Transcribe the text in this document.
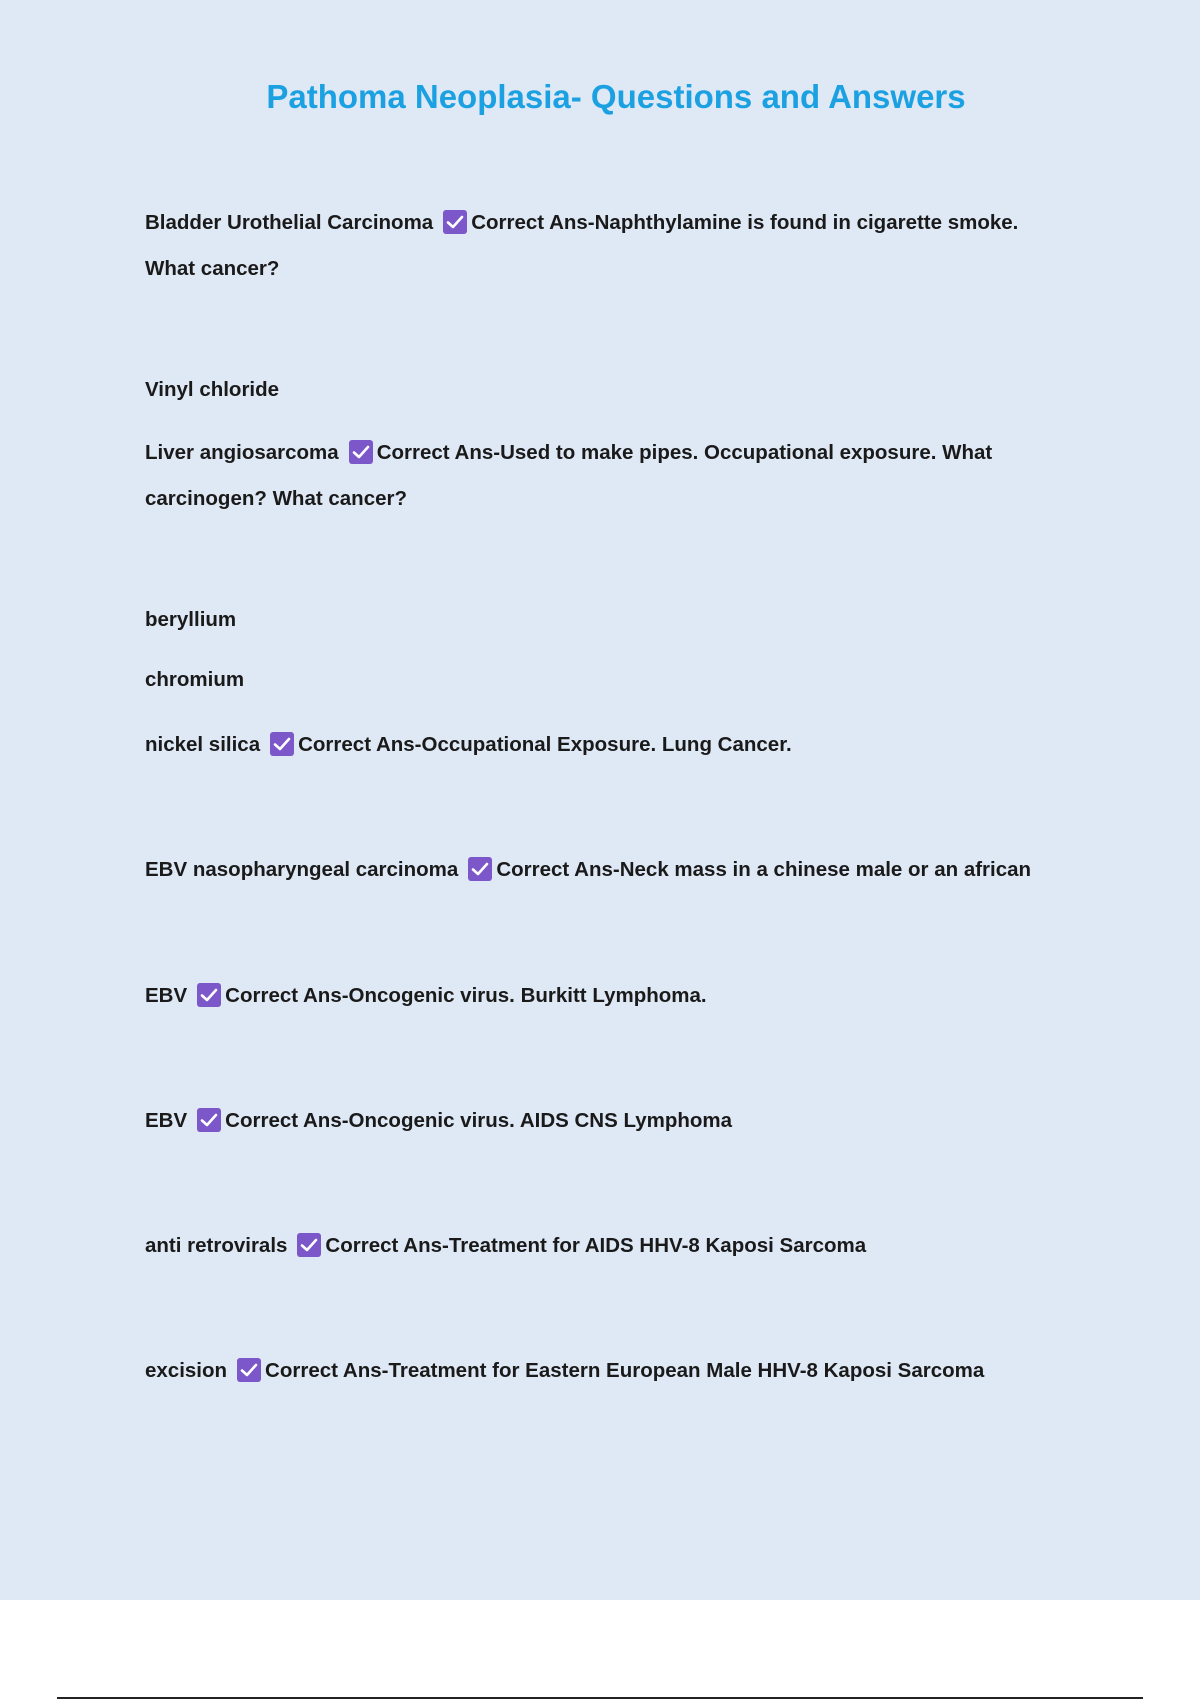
Pathoma Neoplasia- Questions and Answers
Bladder Urothelial Carcinoma Correct Ans-Naphthylamine is found in cigarette smoke.
What cancer?
Vinyl chloride
Liver angiosarcoma Correct Ans-Used to make pipes. Occupational exposure. What
carcinogen? What cancer?
beryllium
chromium
nickel silica Correct Ans-Occupational Exposure. Lung Cancer.
EBV nasopharyngeal carcinoma Correct Ans-Neck mass in a chinese male or an african
EBV Correct Ans-Oncogenic virus. Burkitt Lymphoma.
EBV Correct Ans-Oncogenic virus. AIDS CNS Lymphoma
anti retrovirals Correct Ans-Treatment for AIDS HHV-8 Kaposi Sarcoma
excision Correct Ans-Treatment for Eastern European Male HHV-8 Kaposi Sarcoma
